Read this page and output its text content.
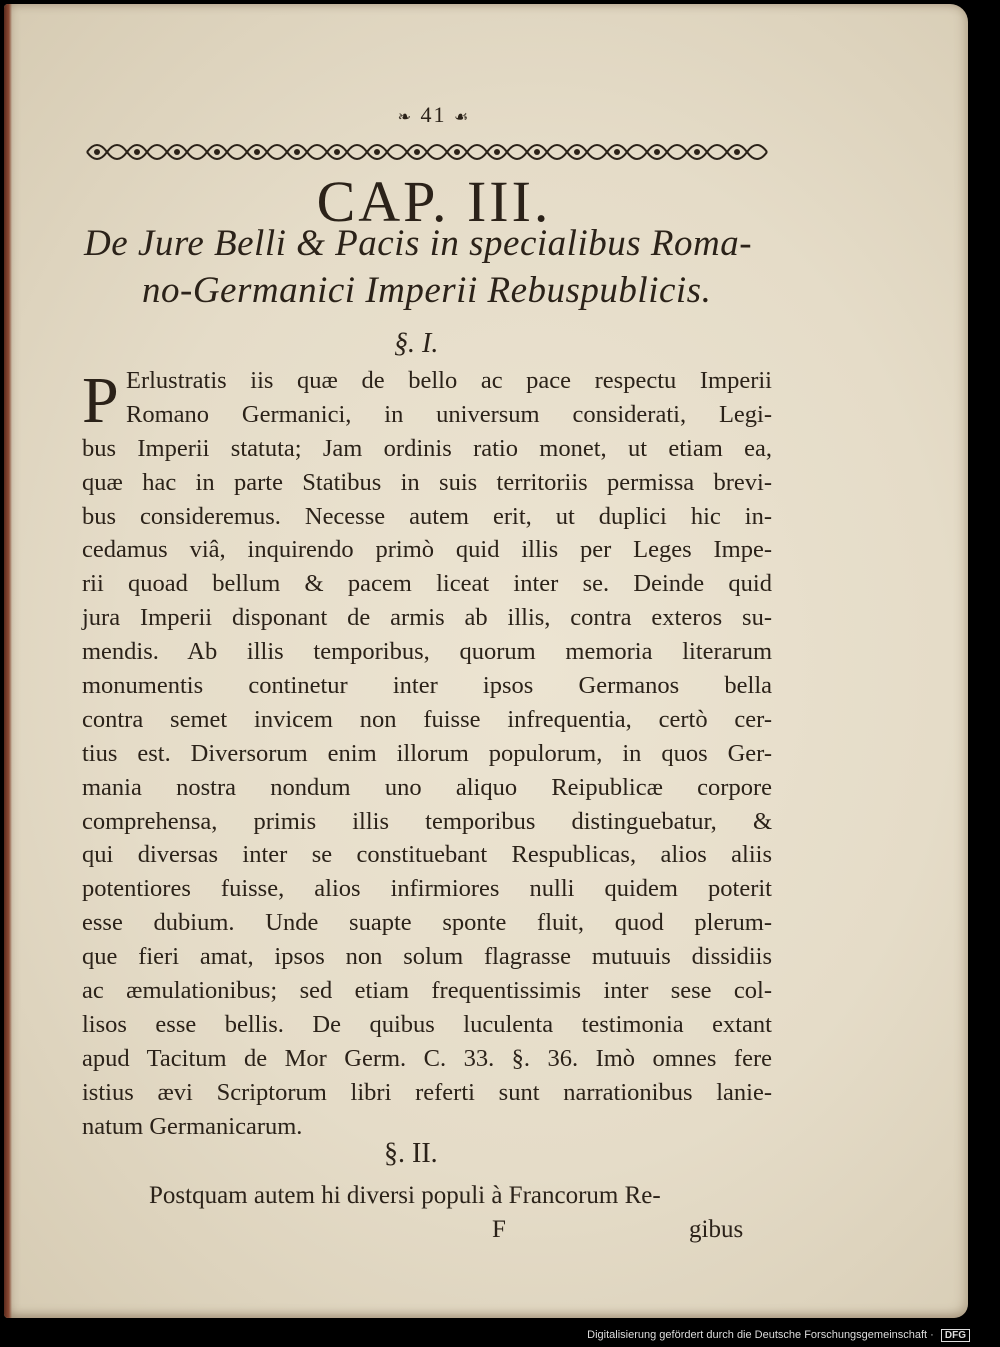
❧ 41 ☙
CAP. III.
De Jure Belli & Pacis in specialibus Roma-
no-Germanici Imperii Rebuspublicis.
§. I.
P Erlustratis iis quæ de bello ac pace respectu Imperii
Romano Germanici, in universum considerati, Legi-
bus Imperii statuta; Jam ordinis ratio monet, ut etiam ea,
quæ hac in parte Statibus in suis territoriis permissa brevi-
bus consideremus. Necesse autem erit, ut duplici hic in-
cedamus viâ, inquirendo primò quid illis per Leges Impe-
rii quoad bellum & pacem liceat inter se. Deinde quid
jura Imperii disponant de armis ab illis, contra exteros su-
mendis. Ab illis temporibus, quorum memoria literarum
monumentis continetur inter ipsos Germanos bella
contra semet invicem non fuisse infrequentia, certò cer-
tius est. Diversorum enim illorum populorum, in quos Ger-
mania nostra nondum uno aliquo Reipublicæ corpore
comprehensa, primis illis temporibus distinguebatur, &
qui diversas inter se constituebant Respublicas, alios aliis
potentiores fuisse, alios infirmiores nulli quidem poterit
esse dubium. Unde suapte sponte fluit, quod plerum-
que fieri amat, ipsos non solum flagrasse mutuuis dissidiis
ac æmulationibus; sed etiam frequentissimis inter sese col-
lisos esse bellis. De quibus luculenta testimonia extant
apud Tacitum de Mor Germ. C. 33. §. 36. Imò omnes fere
istius ævi Scriptorum libri referti sunt narrationibus lanie-
natum Germanicarum.
§. II.
Postquam autem hi diversi populi à Francorum Re-
F	gibus
Digitalisierung gefördert durch die Deutsche Forschungsgemeinschaft · DFG
